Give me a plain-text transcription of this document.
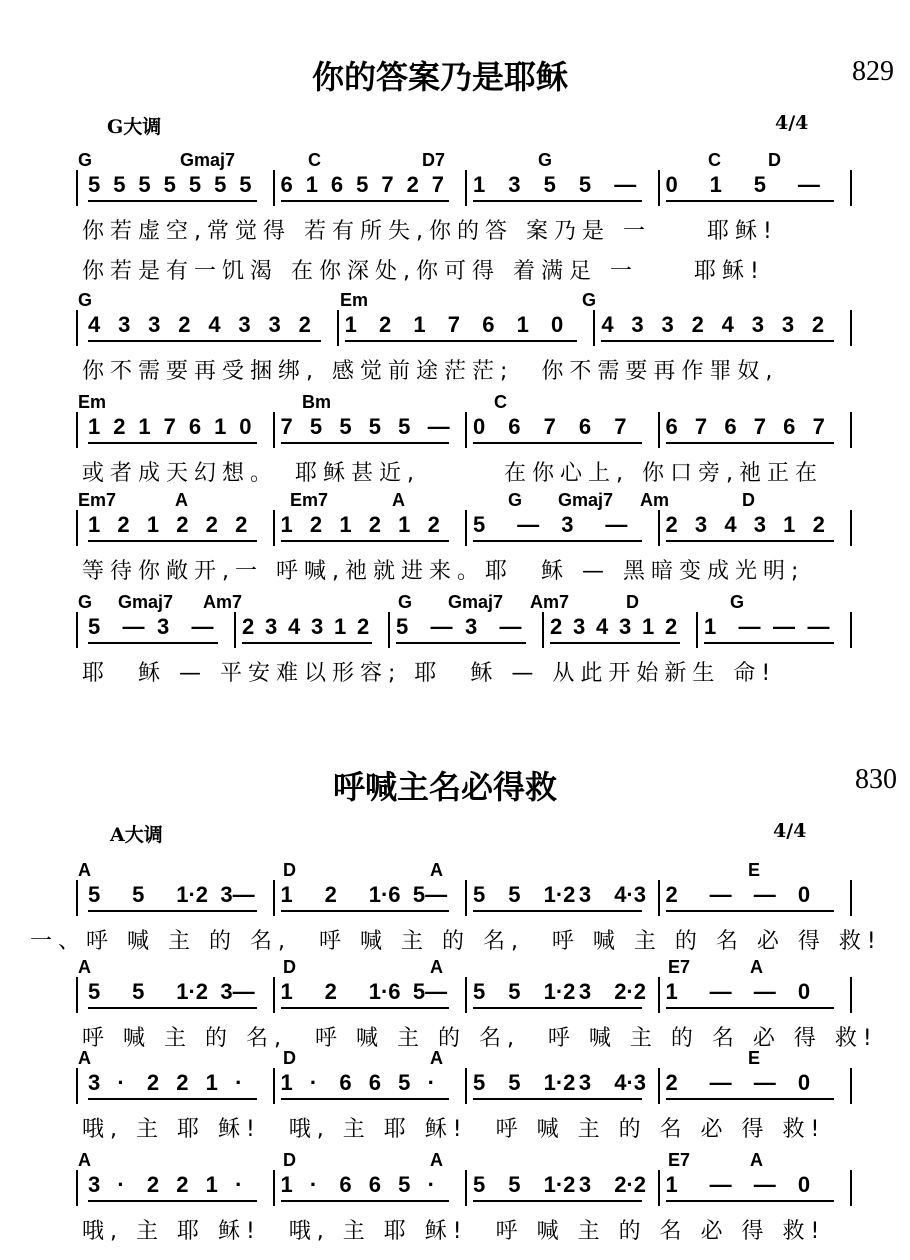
你的答案乃是耶稣	829
G大调	4/4
G	Gmaj7	C	D7	G	C	D
5 5 5 5 5 5 5 6 1 6 5 7 2 7 1 3 5 5 — 0 1 5 —
你若虚空,常觉得 若有所失,你的答 案乃是 一　　耶稣!
你若是有一饥渴 在你深处,你可得 着满足 一　　耶稣!
G	Em	G
4 3 3 2 4 3 3 2 1 2 1 7 6 1 0 4 3 3 2 4 3 3 2
你不需要再受捆绑, 感觉前途茫茫;　你不需要再作罪奴,
Em	Bm	C
1 2 1 7 6 1 0 7 5 5 5 5 — 0 6 7 6 7 6 7 6 7 6 7
或者成天幻想。　耶稣甚近,　　　在你心上, 你口旁,祂正在
Em7	A	Em7	A	G Gmaj7 Am	D
1 2 1 2 2 2 1 2 1 2 1 2 5 — 3 — 2 3 4 3 1 2
等待你敞开,一 呼喊,祂就进来。耶　稣 — 黑暗变成光明;
G Gmaj7 Am7	G Gmaj7 Am7	D	G
5 — 3 — 2 3 4 3 1 2 5 — 3 — 2 3 4 3 1 2 1 — — —
耶　稣 — 平安难以形容; 耶　稣 — 从此开始新生 命!
呼喊主名必得救	830
A大调	4/4
A	D	A	E
5 5 1·2 3— 1 2 1·6 5— 5 5 1·2 3 4·3 2 — — 0
一、呼 喊 主 的 名,　呼 喊 主 的 名,　呼 喊 主 的 名 必 得 救!
A	D	A	E7	A
5 5 1·2 3— 1 2 1·6 5— 5 5 1·2 3 2·2 1 — — 0
呼 喊 主 的 名,　呼 喊 主 的 名,　呼 喊 主 的 名 必 得 救!
A	D	A	E
3 · 2 2 1 · 1 · 6 6 5 · 5 5 1·2 3 4·3 2 — — 0
哦, 主 耶 稣!　哦, 主 耶 稣!　呼 喊 主 的 名 必 得 救!
A	D	A	E7	A
3 · 2 2 1 · 1 · 6 6 5 · 5 5 1·2 3 2·2 1 — — 0
哦, 主 耶 稣!　哦, 主 耶 稣!　呼 喊 主 的 名 必 得 救!
